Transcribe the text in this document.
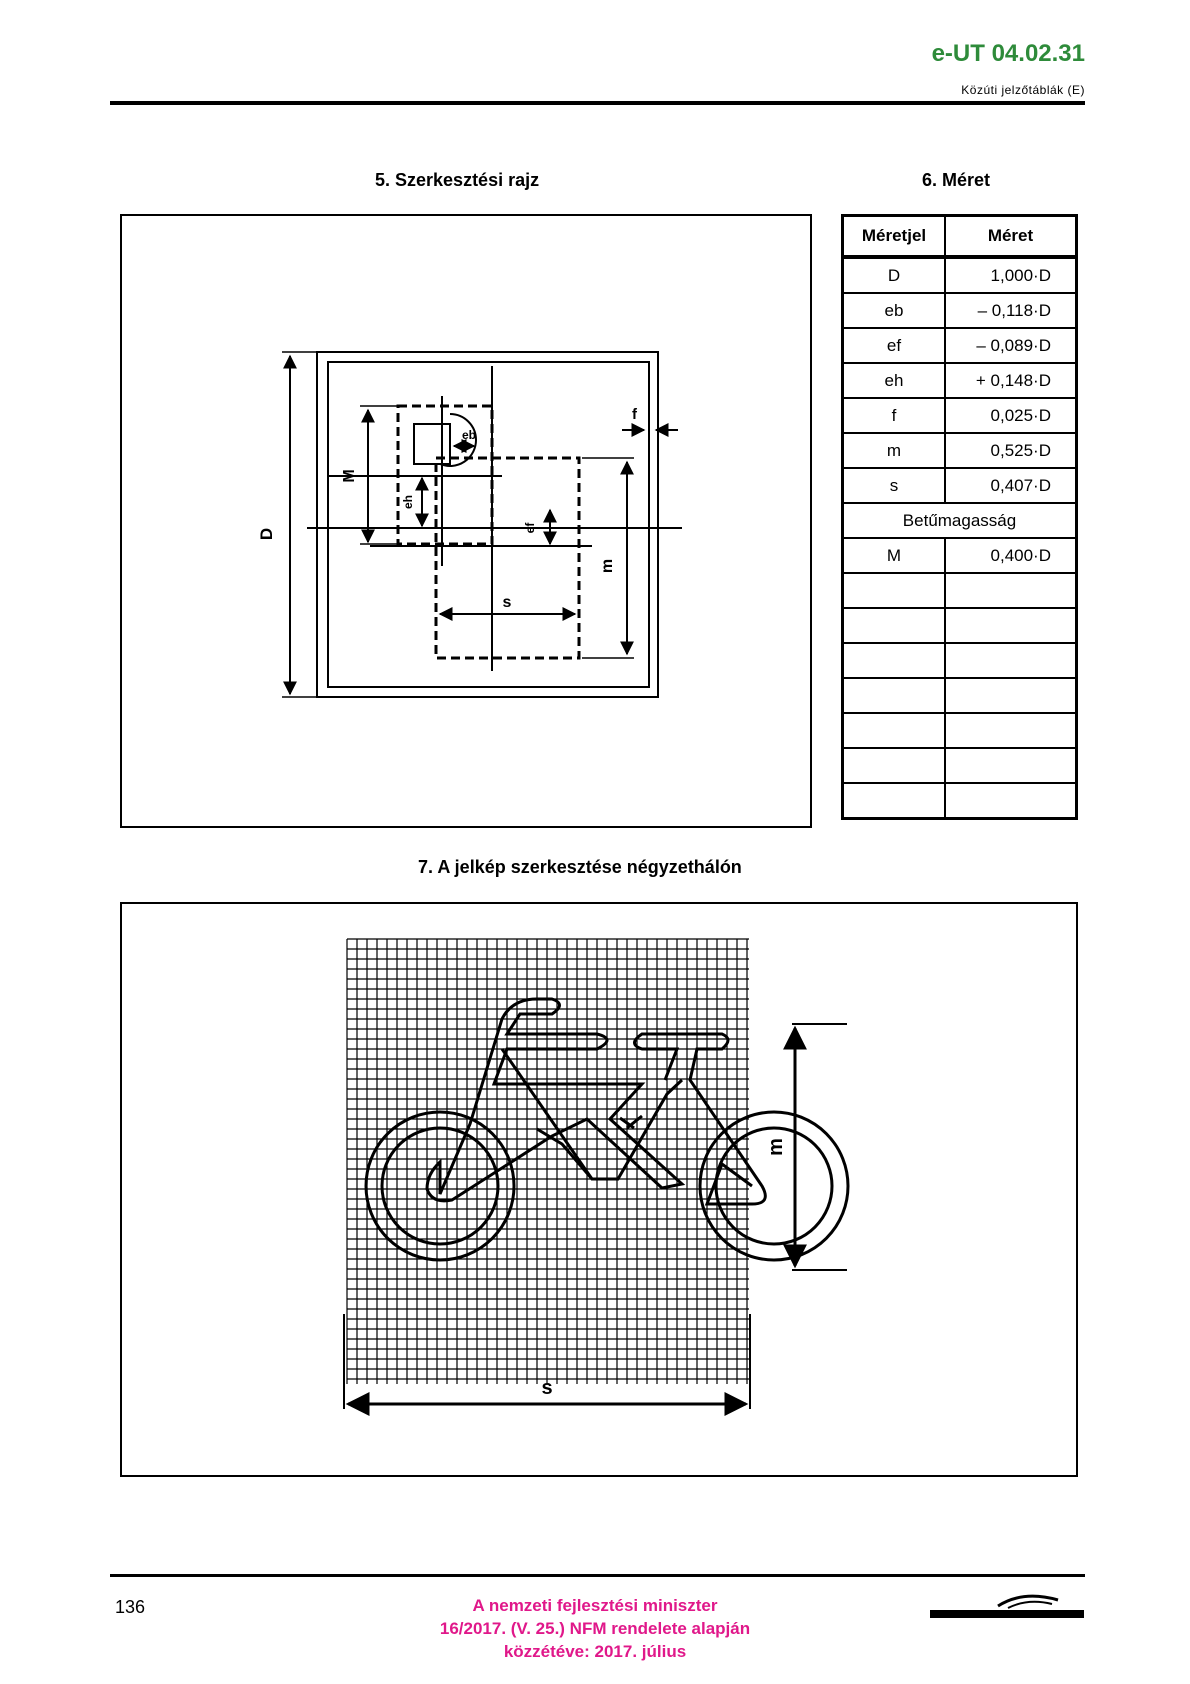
e-UT 04.02.31
Közúti jelzőtáblák (E)
5. Szerkesztési rajz	6. Méret
7. A jelkép szerkesztése négyzethálón
D
eb
M
eh
ef
m
s
f
Méretjel	Méret
D	1,000·D
eb	– 0,118·D
ef	– 0,089·D
eh	+ 0,148·D
f	0,025·D
m	0,525·D
s	0,407·D
Betűmagasság	
M	0,400·D

m
s
136	A nemzeti fejlesztési miniszter
16/2017. (V. 25.) NFM rendelete alapján
közzétéve: 2017. július
